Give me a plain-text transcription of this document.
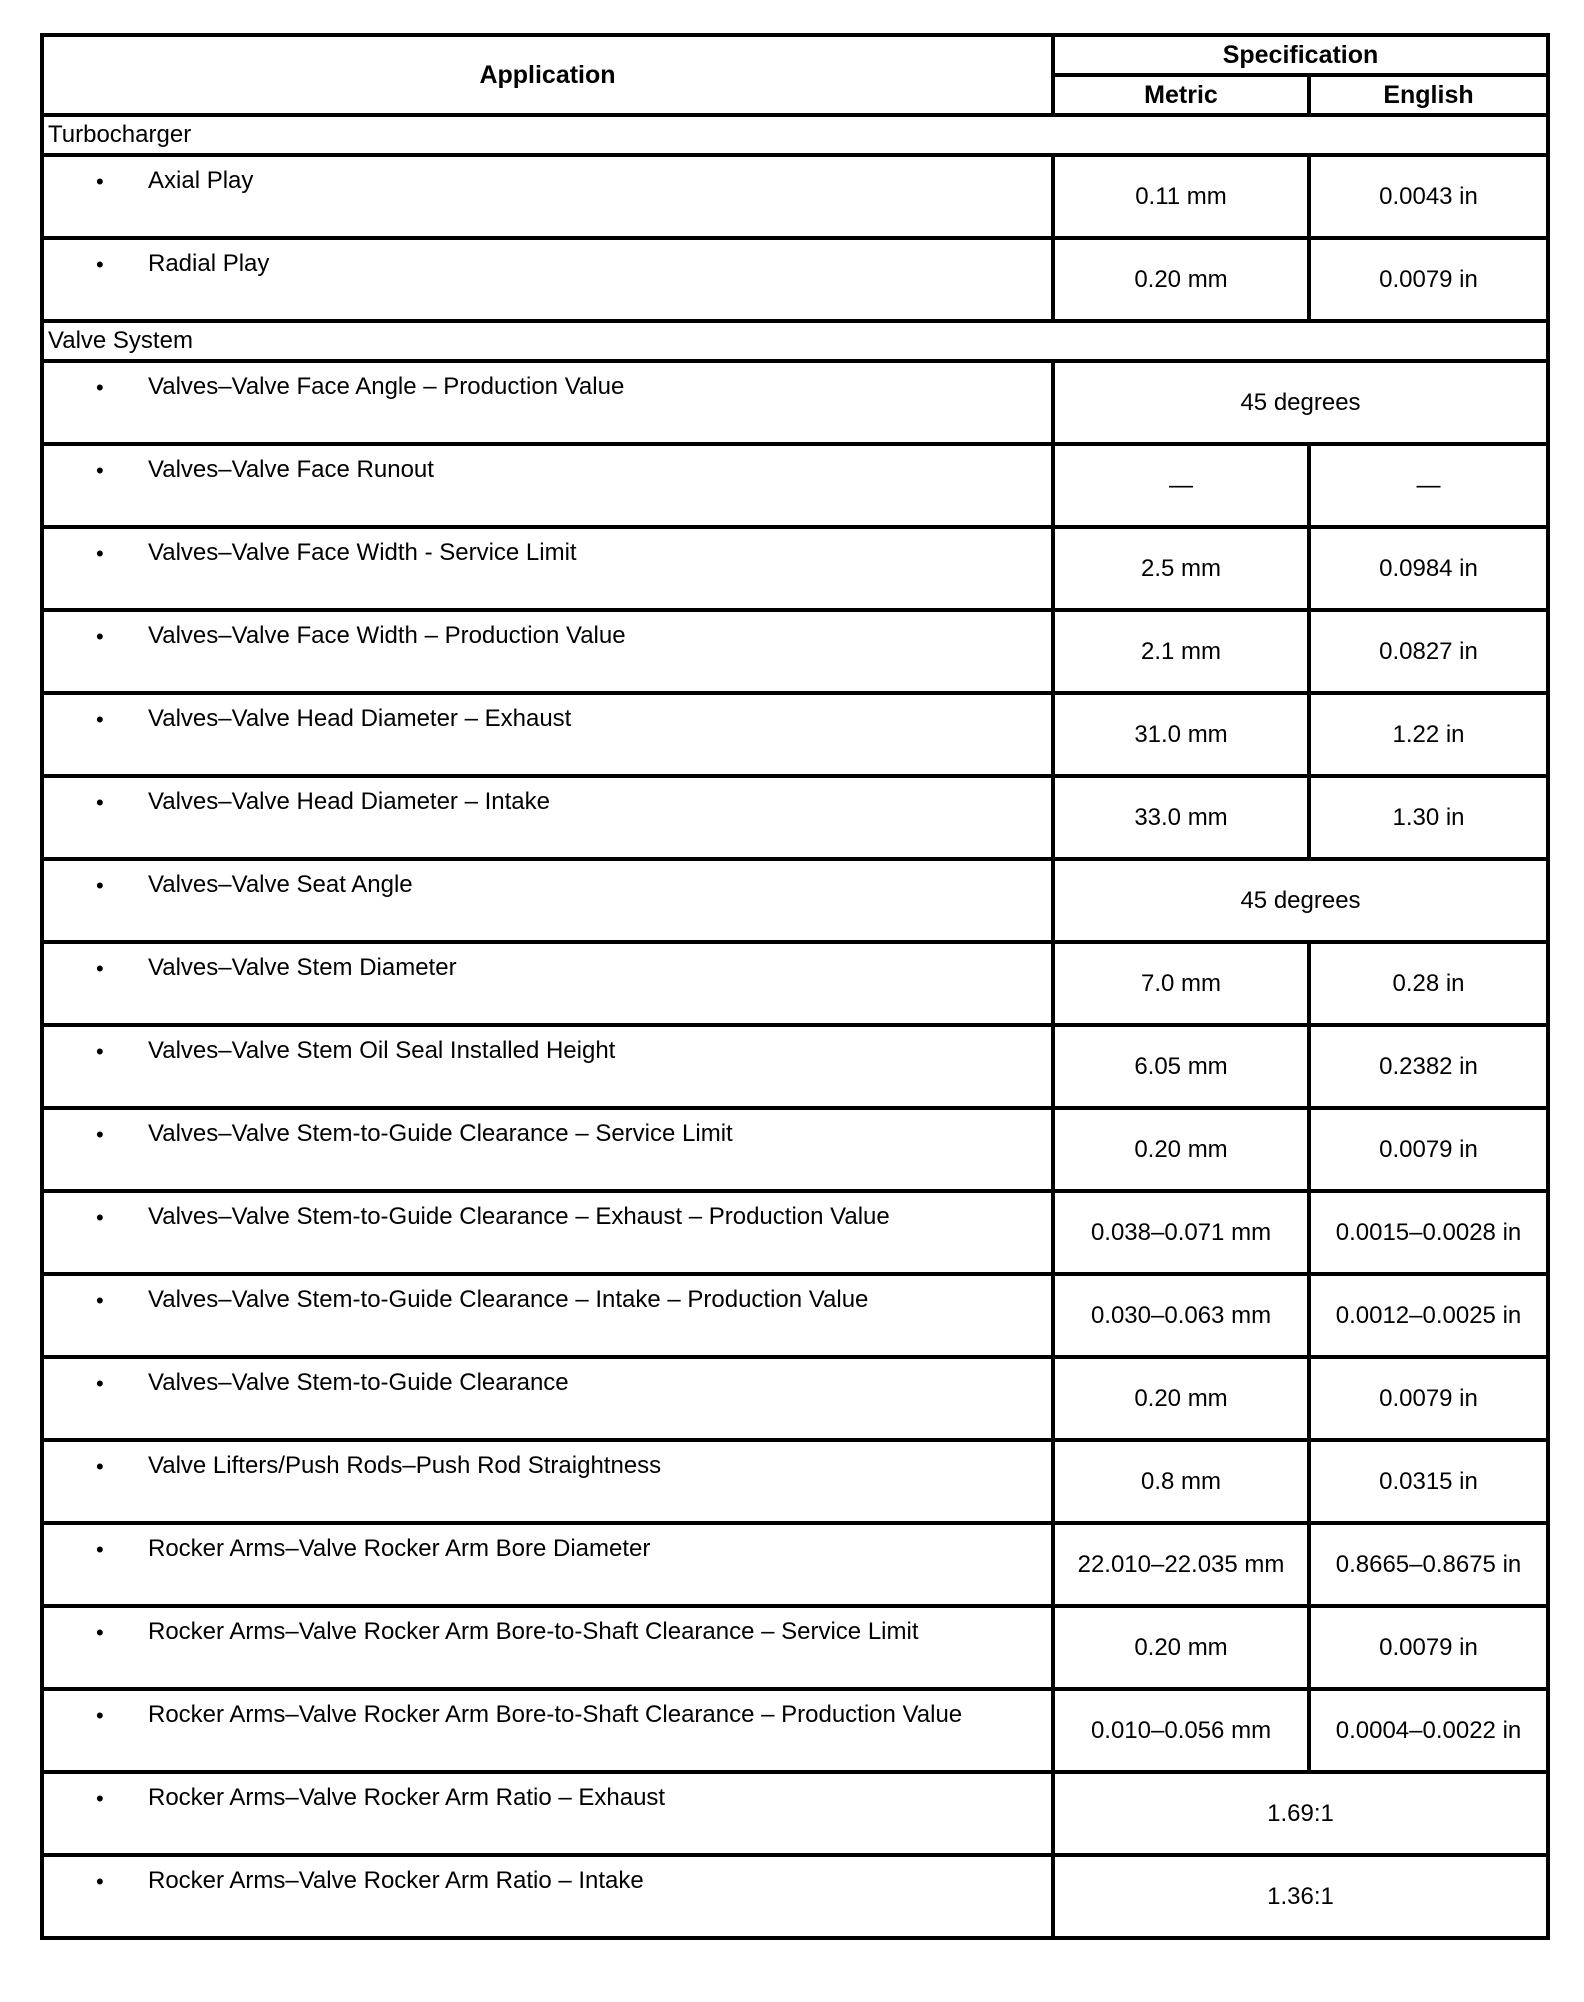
Application	Specification	
	Metric	English
Turbocharger		

• Axial Play	0.11 mm	0.0043 in

• Radial Play	0.20 mm	0.0079 in
Valve System		

• Valves–Valve Face Angle – Production Value	45 degrees	

• Valves–Valve Face Runout	—	—

• Valves–Valve Face Width - Service Limit	2.5 mm	0.0984 in

• Valves–Valve Face Width – Production Value	2.1 mm	0.0827 in

• Valves–Valve Head Diameter – Exhaust	31.0 mm	1.22 in

• Valves–Valve Head Diameter – Intake	33.0 mm	1.30 in

• Valves–Valve Seat Angle	45 degrees	

• Valves–Valve Stem Diameter	7.0 mm	0.28 in

• Valves–Valve Stem Oil Seal Installed Height	6.05 mm	0.2382 in

• Valves–Valve Stem-to-Guide Clearance – Service Limit	0.20 mm	0.0079 in

• Valves–Valve Stem-to-Guide Clearance – Exhaust – Production Value	0.038–0.071 mm	0.0015–0.0028 in

• Valves–Valve Stem-to-Guide Clearance – Intake – Production Value	0.030–0.063 mm	0.0012–0.0025 in

• Valves–Valve Stem-to-Guide Clearance	0.20 mm	0.0079 in

• Valve Lifters/Push Rods–Push Rod Straightness	0.8 mm	0.0315 in

• Rocker Arms–Valve Rocker Arm Bore Diameter	22.010–22.035 mm	0.8665–0.8675 in

• Rocker Arms–Valve Rocker Arm Bore-to-Shaft Clearance – Service Limit	0.20 mm	0.0079 in

• Rocker Arms–Valve Rocker Arm Bore-to-Shaft Clearance – Production Value	0.010–0.056 mm	0.0004–0.0022 in

• Rocker Arms–Valve Rocker Arm Ratio – Exhaust	1.69:1	

• Rocker Arms–Valve Rocker Arm Ratio – Intake	1.36:1	
